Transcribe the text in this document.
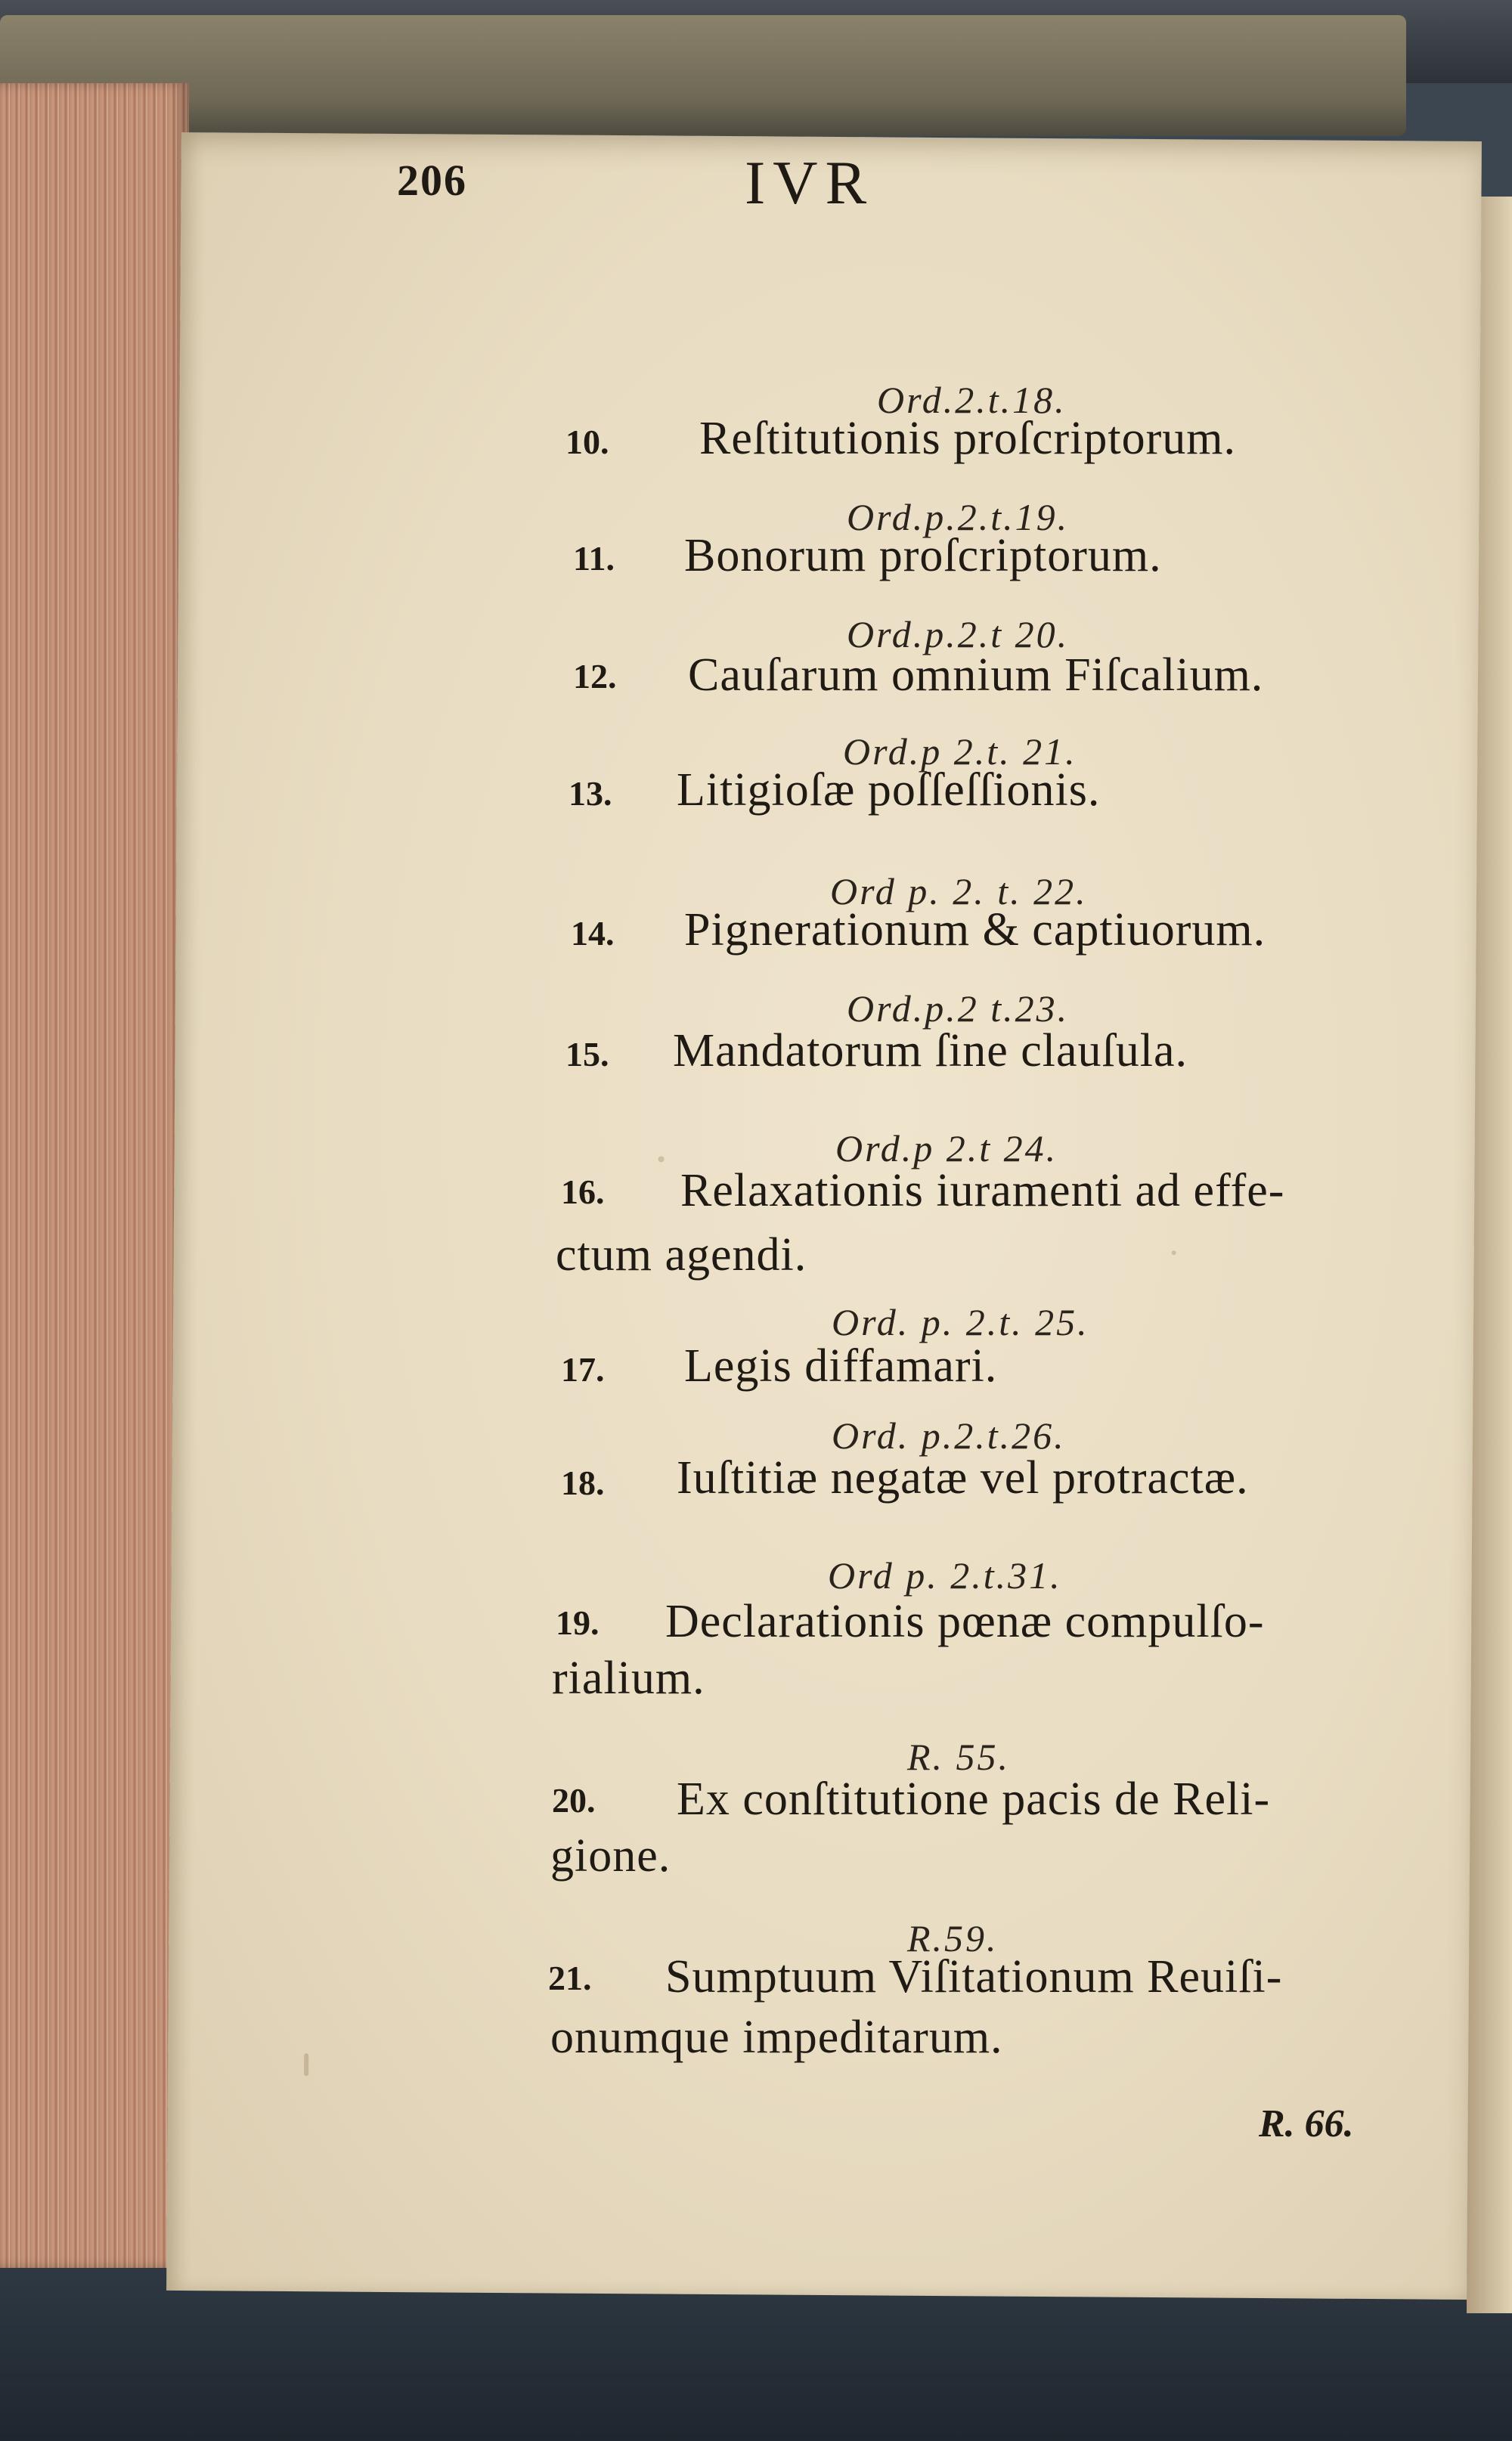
206	IVR
Ord.2.t.18.
10. Reſtitutionis proſcriptorum.
Ord.p.2.t.19.
11. Bonorum proſcriptorum.
Ord.p.2.t 20.
12. Cauſarum omnium Fiſcalium.
Ord.p 2.t. 21.
13. Litigioſæ poſſeſſionis.
Ord p. 2. t. 22.
14. Pignerationum & captiuorum.
Ord.p.2 t.23.
15. Mandatorum ſine clauſula.
Ord.p 2.t 24.
16. Relaxationis iuramenti ad effe-
ctum agendi.
Ord. p. 2.t. 25.
17. Legis diffamari.
Ord. p.2.t.26.
18. Iuſtitiæ negatæ vel protractæ.
Ord p. 2.t.31.
19. Declarationis pœnæ compulſo-
rialium.
R. 55.
20. Ex conſtitutione pacis de Reli-
gione.
R.59.
21. Sumptuum Viſitationum Reuiſi-
onumque impeditarum.
R. 66.
